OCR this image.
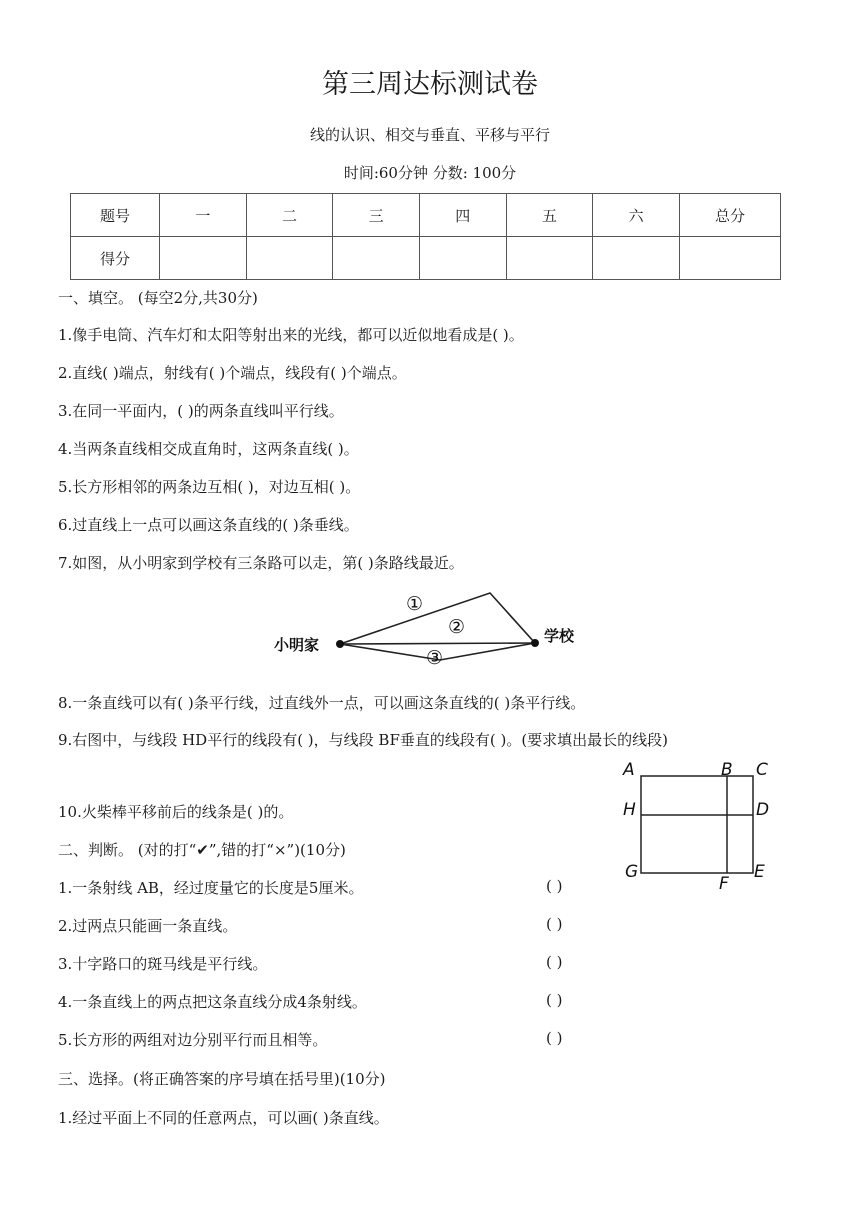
第三周达标测试卷
线的认识、相交与垂直、平移与平行
时间:60分钟 分数: 100分
题号	一	二	三	四	五	六	总分
得分							
一、填空。 (每空2分,共30分)
1.像手电筒、汽车灯和太阳等射出来的光线，都可以近似地看成是( )。
2.直线( )端点，射线有( )个端点，线段有( )个端点。
3.在同一平面内，( )的两条直线叫平行线。
4.当两条直线相交成直角时，这两条直线( )。
5.长方形相邻的两条边互相( )，对边互相( )。
6.过直线上一点可以画这条直线的( )条垂线。
7.如图，从小明家到学校有三条路可以走，第( )条路线最近。
小明家	学校
①
②
③
8.一条直线可以有( )条平行线，过直线外一点，可以画这条直线的( )条平行线。
9.右图中，与线段 HD平行的线段有( )，与线段 BF垂直的线段有( )。(要求填出最长的线段)
10.火柴棒平移前后的线条是( )的。
A	B C
H	D
G
F
E
二、判断。 (对的打“✔”,错的打“×”)(10分)
1.一条射线 AB，经过度量它的长度是5厘米。	( )
2.过两点只能画一条直线。	( )
3.十字路口的斑马线是平行线。	( )
4.一条直线上的两点把这条直线分成4条射线。	( )
5.长方形的两组对边分别平行而且相等。	( )
三、选择。(将正确答案的序号填在括号里)(10分)
1.经过平面上不同的任意两点，可以画( )条直线。
